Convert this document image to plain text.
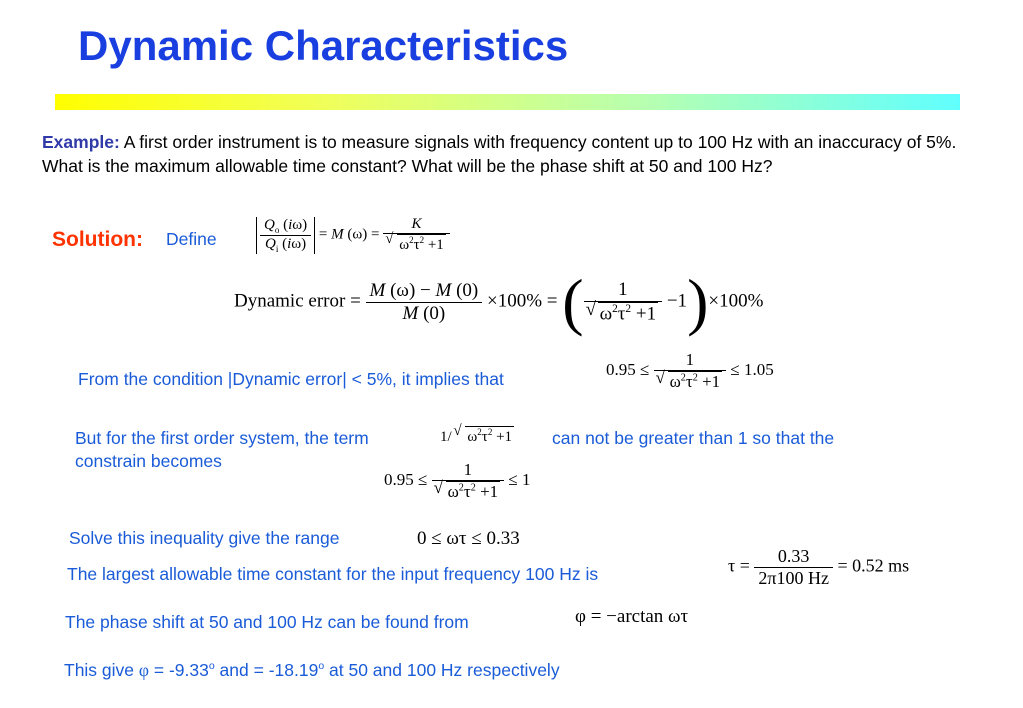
Dynamic Characteristics
Example: A first order instrument is to measure signals with frequency content up to 100 Hz with an inaccuracy of 5%. What is the maximum allowable time constant? What will be the phase shift at 50 and 100 Hz?
Solution: Define	$\frac{Q_o (i\omega)}{Q_i (i\omega)} = M$ (ω) = K
√ $\omega^2\tau^2 +1$
Dynamic error = $\frac{M (\omega) - M (0)}{M (0)} \times 100\%$ = ( 1
√ $\omega^2\tau^2 +1 -1)\times 100\%$
From the condition |Dynamic error| < 5%, it implies that	0.95 ≤ 1
√ $\omega^2\tau^2 +1 \le 1.05$
But for the first order system, the term	1/ √ $\omega^2\tau^2 +1$ can not be greater than 1 so that the
constrain becomes
0.95 ≤ 1
√ $\omega^2\tau^2 +1 \le 1$
Solve this inequality give the range	0 ≤ ωτ ≤ 0.33
The largest allowable time constant for the input frequency 100 Hz is	$\tau = \frac{0.33}{2\pi 100 Hz} = 0.52$ ms
The phase shift at 50 and 100 Hz can be found from	φ = −arctan ωτ
This give $\varphi = -9.33^o$ and = $-18.19^o$ at 50 and 100 Hz respectively
